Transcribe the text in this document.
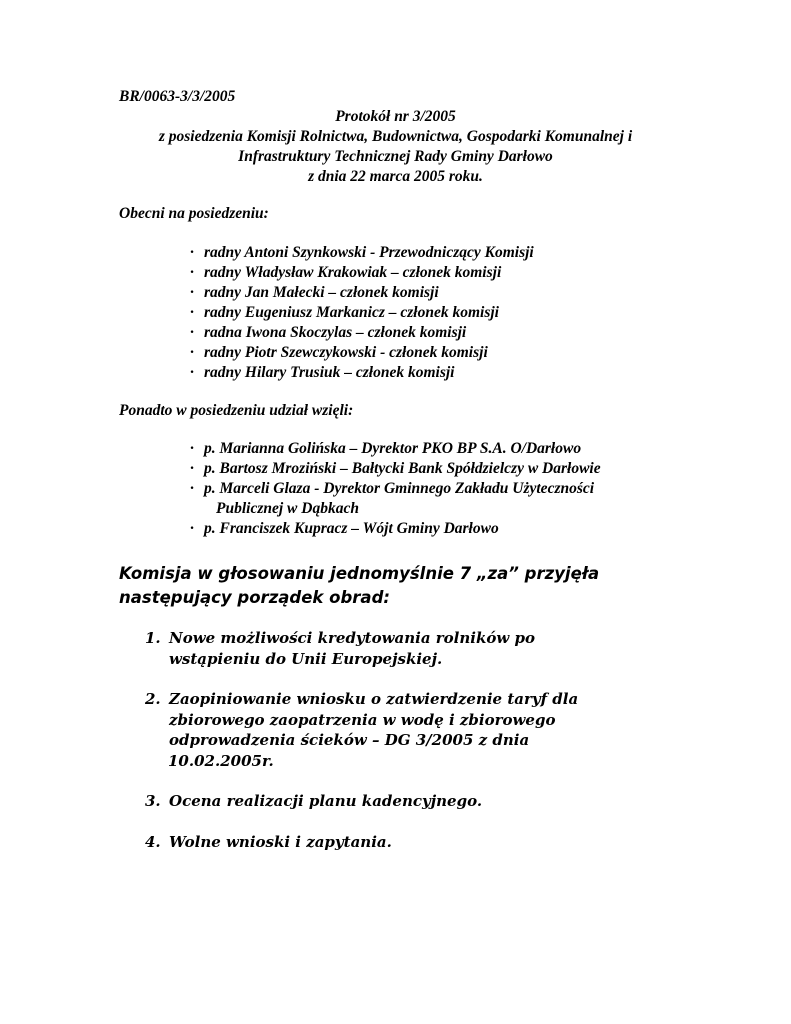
BR/0063-3/3/2005
Protokół nr 3/2005
z posiedzenia Komisji Rolnictwa, Budownictwa, Gospodarki Komunalnej i
Infrastruktury Technicznej Rady Gminy Darłowo
z dnia 22 marca 2005 roku.
Obecni na posiedzeniu:
· radny Antoni Szynkowski - Przewodniczący Komisji
· radny Władysław Krakowiak – członek komisji
· radny Jan Małecki – członek komisji
· radny Eugeniusz Markanicz – członek komisji
· radna Iwona Skoczylas – członek komisji
· radny Piotr Szewczykowski - członek komisji
· radny Hilary Trusiuk – członek komisji
Ponadto w posiedzeniu udział wzięli:
· p. Marianna Golińska – Dyrektor PKO BP S.A. O/Darłowo
· p. Bartosz Mroziński – Bałtycki Bank Spółdzielczy w Darłowie
· p. Marceli Glaza - Dyrektor Gminnego Zakładu Użyteczności
Publicznej w Dąbkach
· p. Franciszek Kupracz – Wójt Gminy Darłowo
Komisja w głosowaniu jednomyślnie 7 „za” przyjęła
następujący porządek obrad:
1. Nowe możliwości kredytowania rolników po
wstąpieniu do Unii Europejskiej.
2. Zaopiniowanie wniosku o zatwierdzenie taryf dla
zbiorowego zaopatrzenia w wodę i zbiorowego
odprowadzenia ścieków – DG 3/2005 z dnia
10.02.2005r.
3. Ocena realizacji planu kadencyjnego.
4. Wolne wnioski i zapytania.
